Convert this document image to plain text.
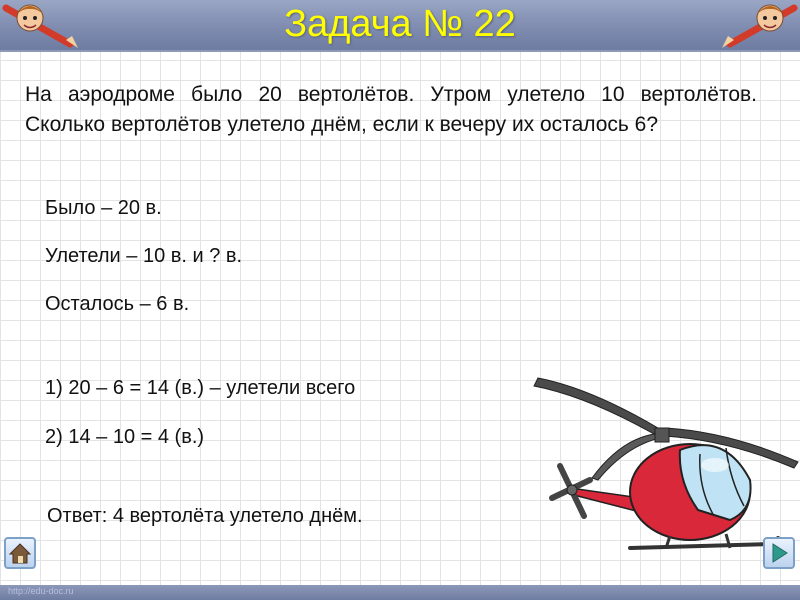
Задача № 22

На аэродроме было 20 вертолётов. Утром улетело 10 вертолётов. Сколько вертолётов улетело днём, если к вечеру их осталось 6?

Было – 20 в.
Улетели – 10 в. и ? в.
Осталось – 6 в.
1) 20 – 6 = 14 (в.) – улетели всего
2) 14 – 10 = 4 (в.)
Ответ: 4 вертолёта улетело днём.
http://edu-doc.ru
